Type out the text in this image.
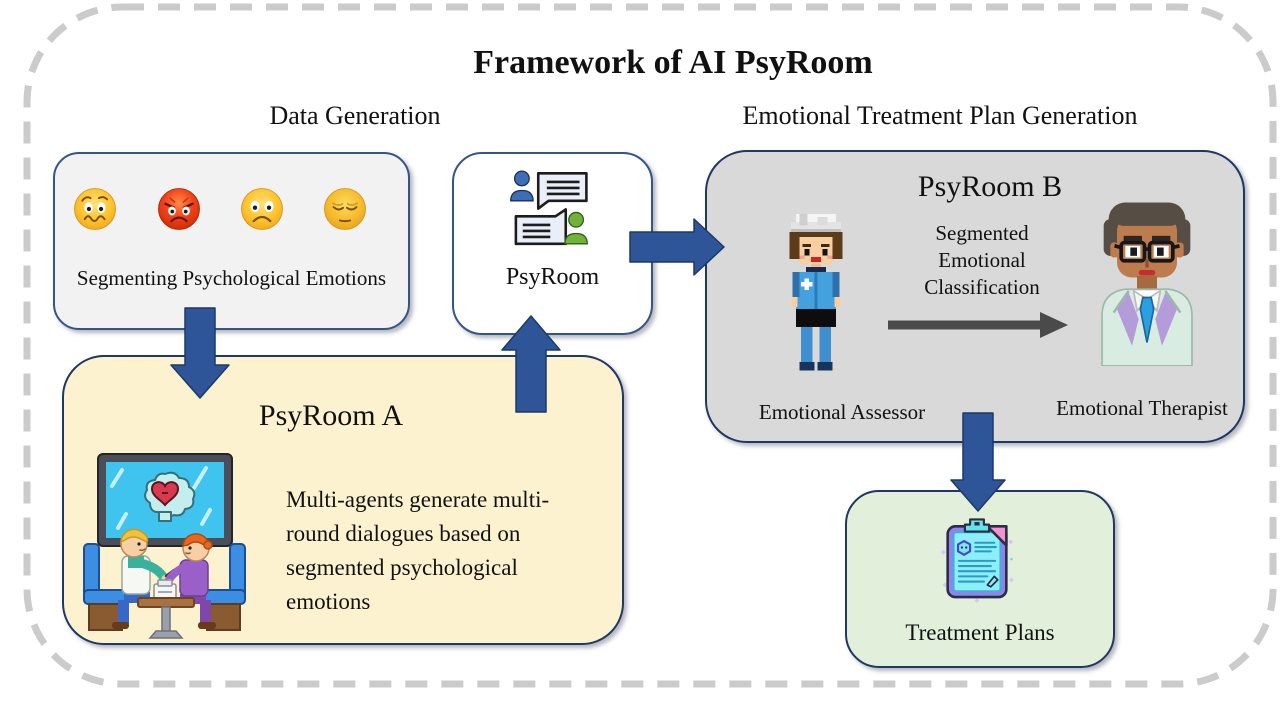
Framework of AI PsyRoom
Data Generation	Emotional Treatment Plan Generation
Segmenting Psychological Emotions	PsyRoom
PsyRoom B
Segmented
Emotional
Classification
Emotional Assessor	Emotional Therapist
PsyRoom A
Multi-agents generate multi-
round dialogues based on
segmented psychological
emotions
Treatment Plans
